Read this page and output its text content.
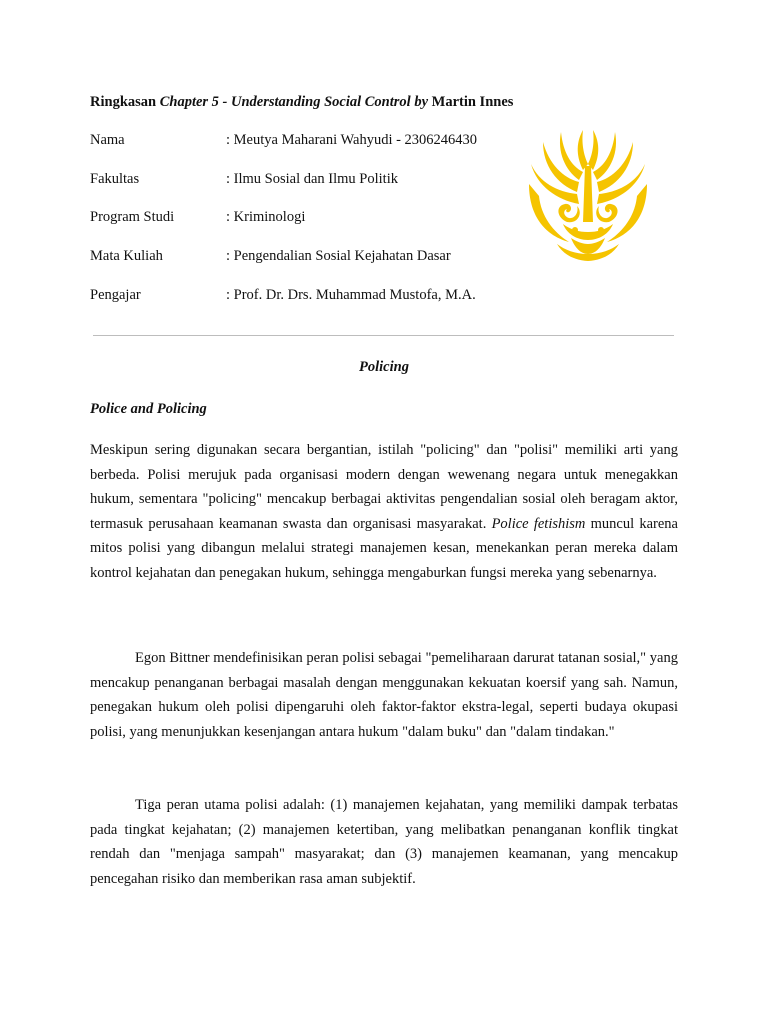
Ringkasan Chapter 5 - Understanding Social Control by Martin Innes
Nama	: Meutya Maharani Wahyudi - 2306246430
Fakultas	: Ilmu Sosial dan Ilmu Politik
Program Studi	: Kriminologi
Mata Kuliah	: Pengendalian Sosial Kejahatan Dasar
Pengajar	: Prof. Dr. Drs. Muhammad Mustofa, M.A.
Policing
Police and Policing

Meskipun sering digunakan secara bergantian, istilah "policing" dan "polisi" memiliki arti yang berbeda. Polisi merujuk pada organisasi modern dengan wewenang negara untuk menegakkan hukum, sementara "policing" mencakup berbagai aktivitas pengendalian sosial oleh beragam aktor, termasuk perusahaan keamanan swasta dan organisasi masyarakat. Police fetishism muncul karena mitos polisi yang dibangun melalui strategi manajemen kesan, menekankan peran mereka dalam kontrol kejahatan dan penegakan hukum, sehingga mengaburkan fungsi mereka yang sebenarnya.

Egon Bittner mendefinisikan peran polisi sebagai "pemeliharaan darurat tatanan sosial," yang mencakup penanganan berbagai masalah dengan menggunakan kekuatan koersif yang sah. Namun, penegakan hukum oleh polisi dipengaruhi oleh faktor-faktor ekstra-legal, seperti budaya okupasi polisi, yang menunjukkan kesenjangan antara hukum "dalam buku" dan "dalam tindakan."

Tiga peran utama polisi adalah: (1) manajemen kejahatan, yang memiliki dampak terbatas pada tingkat kejahatan; (2) manajemen ketertiban, yang melibatkan penanganan konflik tingkat rendah dan "menjaga sampah" masyarakat; dan (3) manajemen keamanan, yang mencakup pencegahan risiko dan memberikan rasa aman subjektif.
